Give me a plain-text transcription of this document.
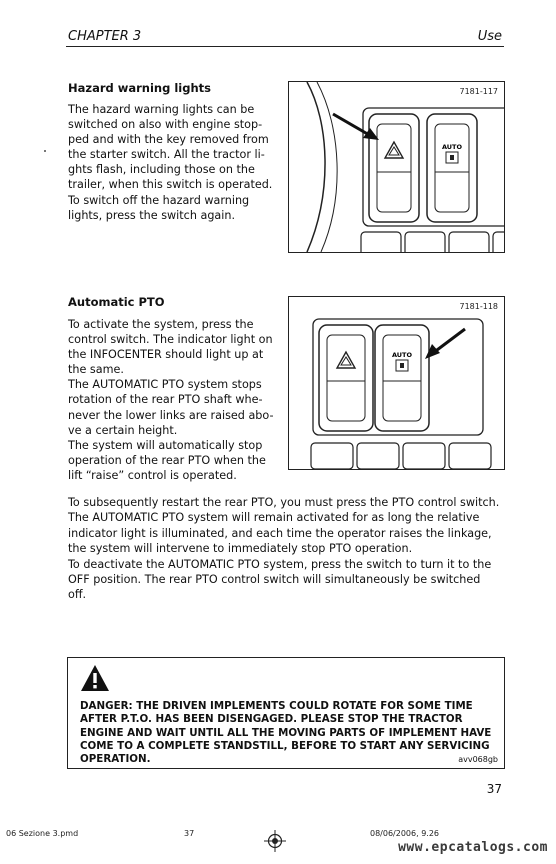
CHAPTER 3	Use
Hazard warning lights

The hazard warning lights can be
switched on also with engine stop-
ped and with the key removed from
the starter switch. All the tractor li-
ghts flash, including those on the
trailer, when this switch is operated.
To switch off the hazard warning
lights, press the switch again.

7181-117
AUTO
Automatic PTO

To activate the system, press the
control switch. The indicator light on
the INFOCENTER should light up at
the same.
The AUTOMATIC PTO system stops
rotation of the rear PTO shaft whe-
never the lower links are raised abo-
ve a certain height.
The system will automatically stop
operation of the rear PTO when the
lift “raise” control is operated.

7181-118
AUTO

To subsequently restart the rear PTO, you must press the PTO control switch.
The AUTOMATIC PTO system will remain activated for as long the relative
indicator light is illuminated, and each time the operator raises the linkage,
the system will intervene to immediately stop PTO operation.
To deactivate the AUTOMATIC PTO system, press the switch to turn it to the
OFF position. The rear PTO control switch will simultaneously be switched
off.

DANGER: THE DRIVEN IMPLEMENTS COULD ROTATE FOR SOME TIME
AFTER P.T.O. HAS BEEN DISENGAGED. PLEASE STOP THE TRACTOR
ENGINE AND WAIT UNTIL ALL THE MOVING PARTS OF IMPLEMENT HAVE
COME TO A COMPLETE STANDSTILL, BEFORE TO START ANY SERVICING
OPERATION.	avv068gb
37
06 Sezione 3.pmd	37	08/06/2006, 9.26
www.epcatalogs.com
